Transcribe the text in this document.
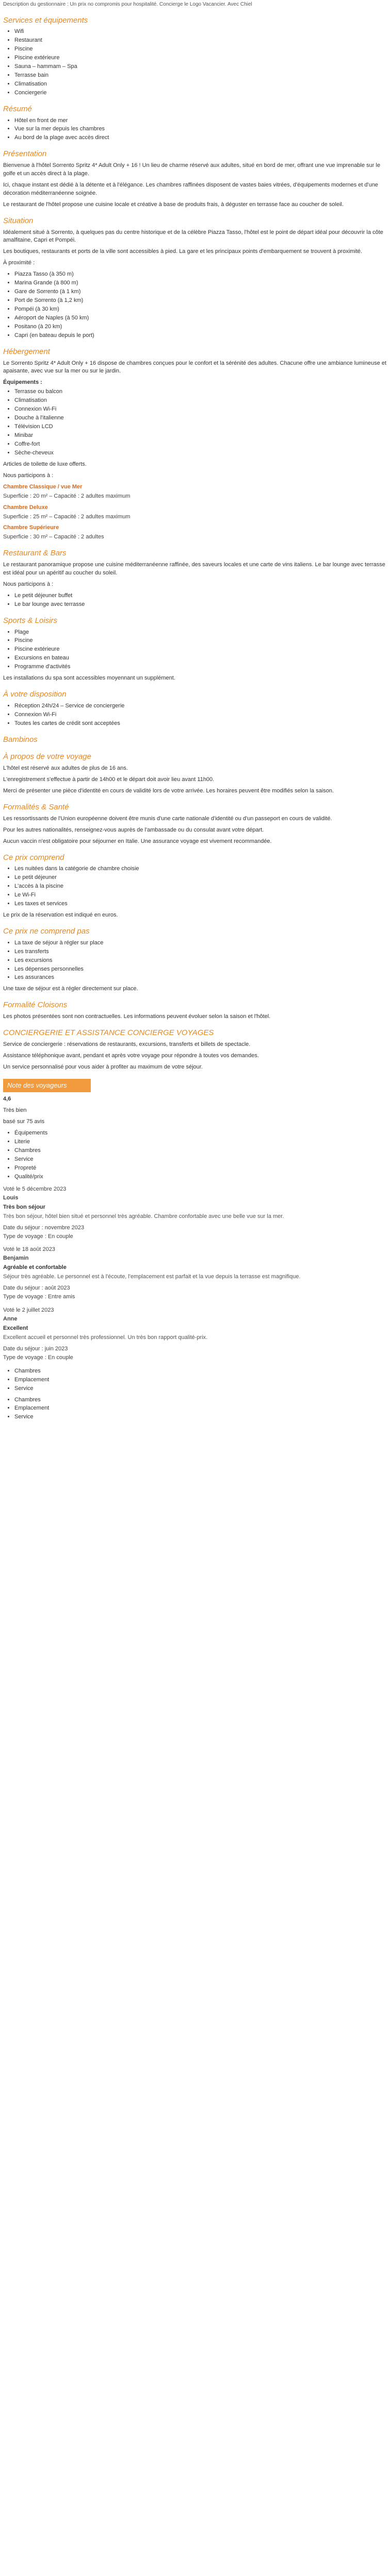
Description du gestionnaire : Un prix no compromis pour hospitalité. Concierge le Logo Vacancier. Avec Chiel
Services et équipements
• Wifi
• Restaurant
• Piscine
• Piscine extérieure
• Sauna – hammam – Spa
• Terrasse bain
• Climatisation
• Conciergerie
Résumé
• Hôtel en front de mer
• Vue sur la mer depuis les chambres
• Au bord de la plage avec accès direct
Présentation

Bienvenue à l'hôtel Sorrento Spritz 4* Adult Only + 16 ! Un lieu de charme réservé aux adultes, situé en bord de mer, offrant une vue imprenable sur le golfe et un accès direct à la plage.

Ici, chaque instant est dédié à la détente et à l'élégance. Les chambres raffinées disposent de vastes baies vitrées, d'équipements modernes et d'une décoration méditerranéenne soignée.

Le restaurant de l'hôtel propose une cuisine locale et créative à base de produits frais, à déguster en terrasse face au coucher de soleil.

Situation

Idéalement situé à Sorrento, à quelques pas du centre historique et de la célèbre Piazza Tasso, l'hôtel est le point de départ idéal pour découvrir la côte amalfitaine, Capri et Pompéi.

Les boutiques, restaurants et ports de la ville sont accessibles à pied. La gare et les principaux points d'embarquement se trouvent à proximité.

À proximité :

• Piazza Tasso (à 350 m)
• Marina Grande (à 800 m)
• Gare de Sorrento (à 1 km)
• Port de Sorrento (à 1,2 km)
• Pompéi (à 30 km)
• Aéroport de Naples (à 50 km)
• Positano (à 20 km)
• Capri (en bateau depuis le port)
Hébergement

Le Sorrento Spritz 4* Adult Only + 16 dispose de chambres conçues pour le confort et la sérénité des adultes. Chacune offre une ambiance lumineuse et apaisante, avec vue sur la mer ou sur le jardin.

Équipements :
• Terrasse ou balcon
• Climatisation
• Connexion Wi-Fi
• Douche à l'italienne
• Télévision LCD
• Minibar
• Coffre-fort
• Sèche-cheveux

Articles de toilette de luxe offerts.

Nous participons à :

Chambre Classique / vue Mer
Superficie : 20 m² – Capacité : 2 adultes maximum
Chambre Deluxe
Superficie : 25 m² – Capacité : 2 adultes maximum
Chambre Supérieure
Superficie : 30 m² – Capacité : 2 adultes
Restaurant & Bars

Le restaurant panoramique propose une cuisine méditerranéenne raffinée, des saveurs locales et une carte de vins italiens. Le bar lounge avec terrasse est idéal pour un apéritif au coucher du soleil.

Nous participons à :

• Le petit déjeuner buffet
• Le bar lounge avec terrasse
Sports & Loisirs
• Plage
• Piscine
• Piscine extérieure
• Excursions en bateau
• Programme d'activités

Les installations du spa sont accessibles moyennant un supplément.

À votre disposition
• Réception 24h/24 – Service de conciergerie
• Connexion Wi-Fi
• Toutes les cartes de crédit sont acceptées
Bambinos
À propos de votre voyage

L'hôtel est réservé aux adultes de plus de 16 ans.

L'enregistrement s'effectue à partir de 14h00 et le départ doit avoir lieu avant 11h00.

Merci de présenter une pièce d'identité en cours de validité lors de votre arrivée. Les horaires peuvent être modifiés selon la saison.

Formalités & Santé

Les ressortissants de l'Union européenne doivent être munis d'une carte nationale d'identité ou d'un passeport en cours de validité.

Pour les autres nationalités, renseignez-vous auprès de l'ambassade ou du consulat avant votre départ.

Aucun vaccin n'est obligatoire pour séjourner en Italie. Une assurance voyage est vivement recommandée.

Ce prix comprend
• Les nuitées dans la catégorie de chambre choisie
• Le petit déjeuner
• L'accès à la piscine
• Le Wi-Fi
• Les taxes et services

Le prix de la réservation est indiqué en euros.

Ce prix ne comprend pas
• La taxe de séjour à régler sur place
• Les transferts
• Les excursions
• Les dépenses personnelles
• Les assurances

Une taxe de séjour est à régler directement sur place.

Formalité Cloisons

Les photos présentées sont non contractuelles. Les informations peuvent évoluer selon la saison et l'hôtel.

CONCIERGERIE ET ASSISTANCE CONCIERGE VOYAGES

Service de conciergerie : réservations de restaurants, excursions, transferts et billets de spectacle.

Assistance téléphonique avant, pendant et après votre voyage pour répondre à toutes vos demandes.

Un service personnalisé pour vous aider à profiter au maximum de votre séjour.

Note des voyageurs

4,6

Très bien

basé sur 75 avis

• Équipements
• Literie
• Chambres
• Service
• Propreté
• Qualité/prix

Voté le 5 décembre 2023

Louis

Très bon séjour

Très bon séjour, hôtel bien situé et personnel très agréable. Chambre confortable avec une belle vue sur la mer.

Date du séjour : novembre 2023

Type de voyage : En couple

Voté le 18 août 2023

Benjamin

Agréable et confortable

Séjour très agréable. Le personnel est à l'écoute, l'emplacement est parfait et la vue depuis la terrasse est magnifique.

Date du séjour : août 2023

Type de voyage : Entre amis

Voté le 2 juillet 2023

Anne

Excellent

Excellent accueil et personnel très professionnel. Un très bon rapport qualité-prix.

Date du séjour : juin 2023

Type de voyage : En couple

• Chambres
• Emplacement
• Service
• Chambres
• Emplacement
• Service
